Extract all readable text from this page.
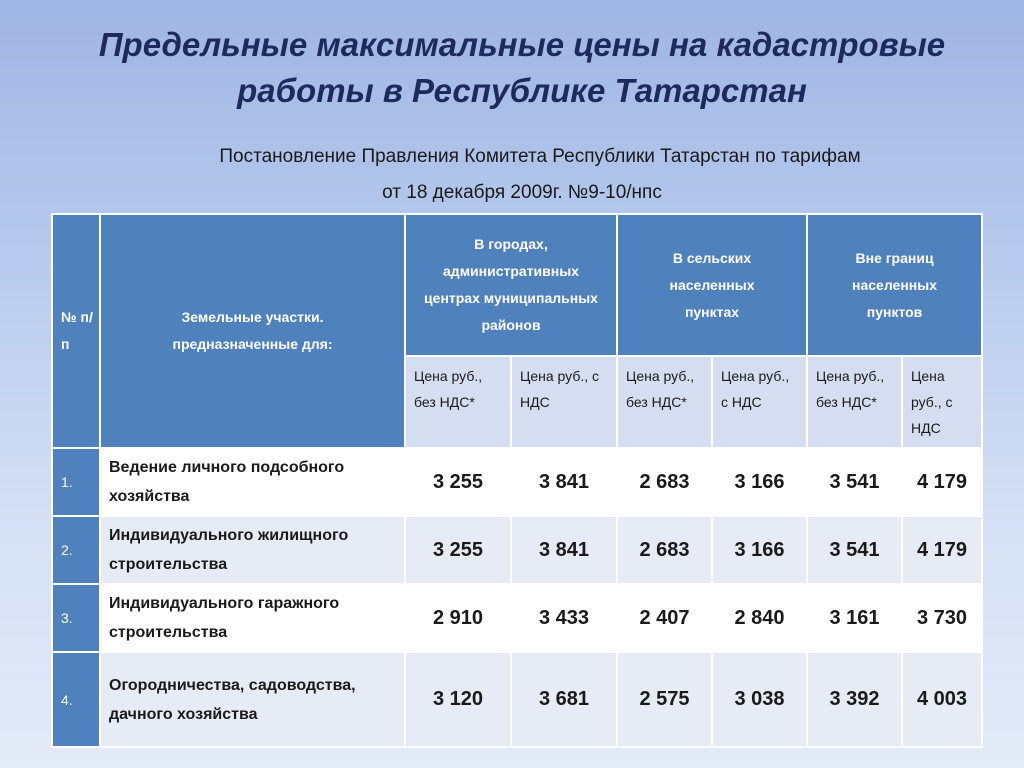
Предельные максимальные цены на кадастровые
работы в Республике Татарстан
Постановление Правления Комитета Республики Татарстан по тарифам
от 18 декабря 2009г. №9-10/нпс
№ п/п	Земельные участки. предназначенные для:	В городах, административных центрах муниципальных районов		В сельских населенных пунктах		Вне границ населенных пунктов	
		Цена руб., без НДС*	Цена руб., с НДС	Цена руб., без НДС*	Цена руб., с НДС	Цена руб., без НДС*	Цена руб., с НДС
1.	Ведение личного подсобного хозяйства	3 255	3 841	2 683	3 166	3 541	4 179
2.	Индивидуального жилищного строительства	3 255	3 841	2 683	3 166	3 541	4 179
3.	Индивидуального гаражного строительства	2 910	3 433	2 407	2 840	3 161	3 730
4.	Огородничества, садоводства, дачного хозяйства	3 120	3 681	2 575	3 038	3 392	4 003
